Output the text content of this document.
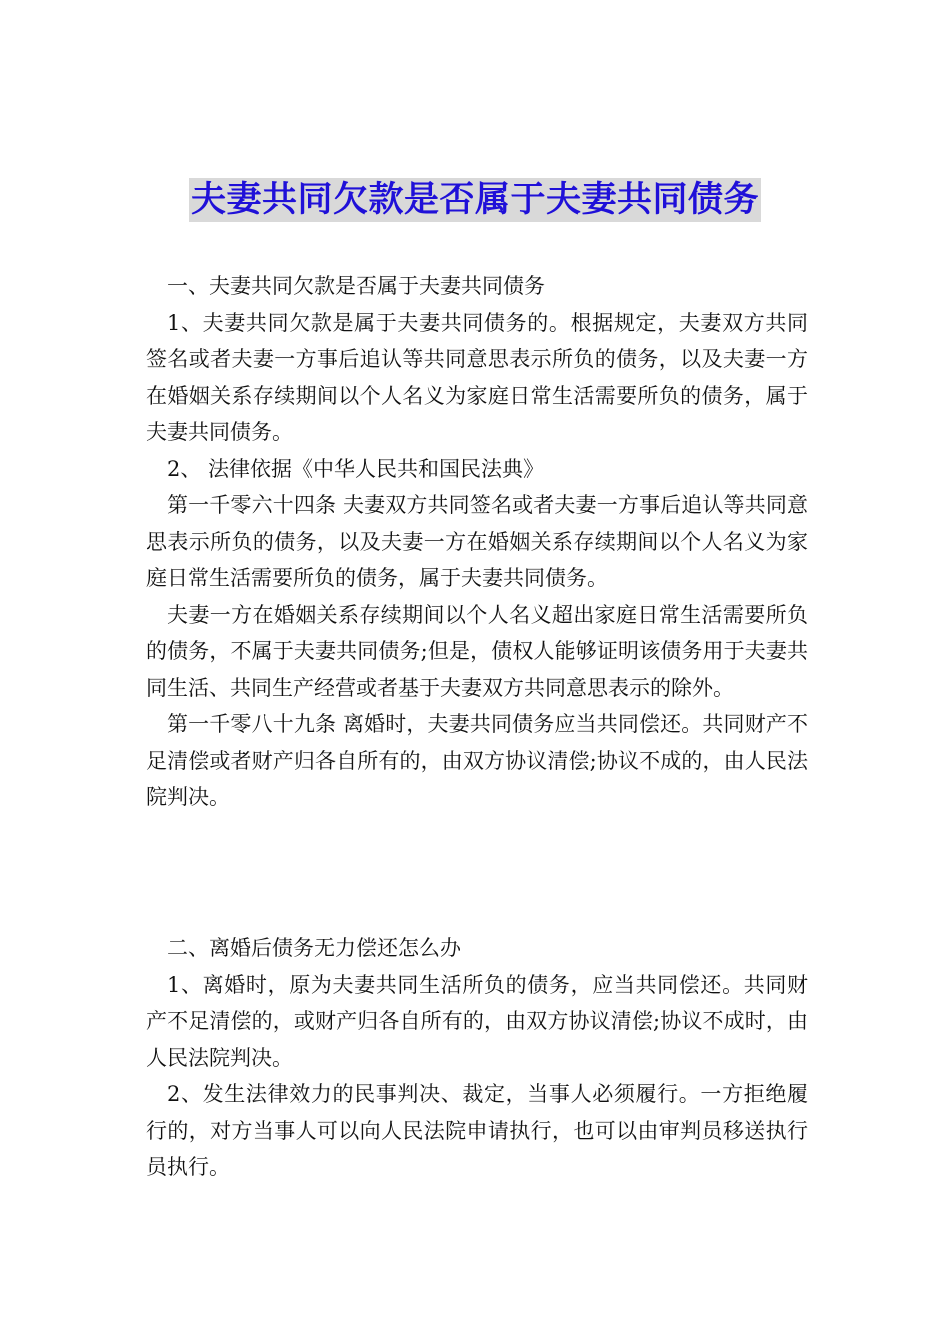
夫妻共同欠款是否属于夫妻共同债务

一、夫妻共同欠款是否属于夫妻共同债务

1、夫妻共同欠款是属于夫妻共同债务的。根据规定，夫妻双方共同签名或者夫妻一方事后追认等共同意思表示所负的债务，以及夫妻一方在婚姻关系存续期间以个人名义为家庭日常生活需要所负的债务，属于夫妻共同债务。

2、 法律依据《中华人民共和国民法典》

第一千零六十四条 夫妻双方共同签名或者夫妻一方事后追认等共同意思表示所负的债务，以及夫妻一方在婚姻关系存续期间以个人名义为家庭日常生活需要所负的债务，属于夫妻共同债务。

夫妻一方在婚姻关系存续期间以个人名义超出家庭日常生活需要所负的债务，不属于夫妻共同债务;但是，债权人能够证明该债务用于夫妻共同生活、共同生产经营或者基于夫妻双方共同意思表示的除外。

第一千零八十九条 离婚时，夫妻共同债务应当共同偿还。共同财产不足清偿或者财产归各自所有的，由双方协议清偿;协议不成的，由人民法院判决。

二、离婚后债务无力偿还怎么办

1、离婚时，原为夫妻共同生活所负的债务，应当共同偿还。共同财产不足清偿的，或财产归各自所有的，由双方协议清偿;协议不成时，由人民法院判决。

2、发生法律效力的民事判决、裁定，当事人必须履行。一方拒绝履行的，对方当事人可以向人民法院申请执行，也可以由审判员移送执行员执行。
